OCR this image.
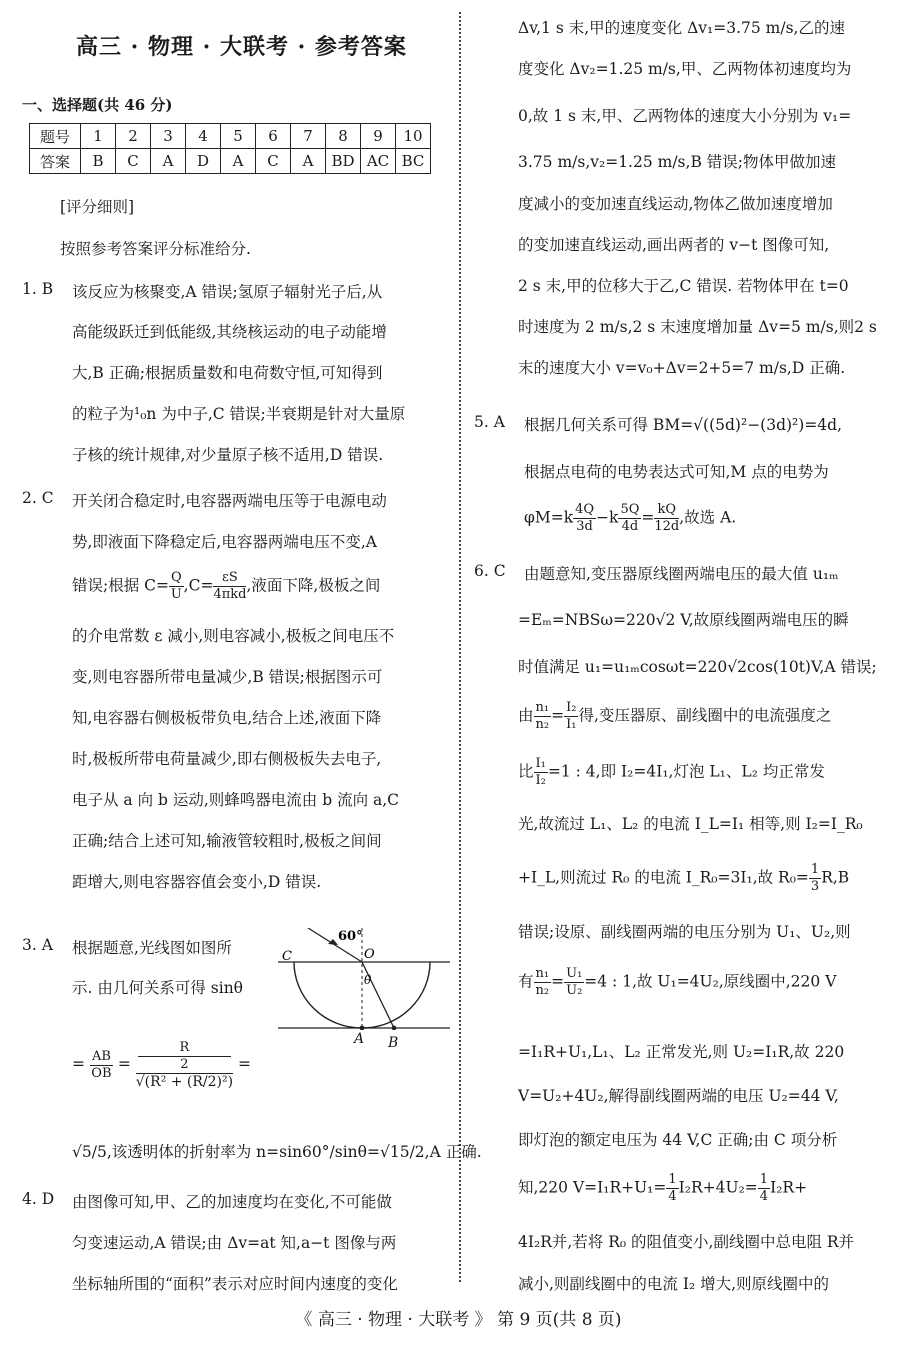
高三 · 物理 · 大联考 · 参考答案
一、选择题(共 46 分)
题号	1	2	3	4	5	6	7	8	9	10
答案	B	C	A	D	A	C	A	BD	AC	BC
[评分细则]
按照参考答案评分标准给分.
1. B 该反应为核聚变,A 错误;氢原子辐射光子后,从
高能级跃迁到低能级,其绕核运动的电子动能增
大,B 正确;根据质量数和电荷数守恒,可知得到
的粒子为¹₀n 为中子,C 错误;半衰期是针对大量原
子核的统计规律,对少量原子核不适用,D 错误.
2. C 开关闭合稳定时,电容器两端电压等于电源电动
势,即液面下降稳定后,电容器两端电压不变,A
错误;根据 $C= \frac{Q}{U} ,C= \frac{\varepsilon S}{\text{4πkd}}$ ,液面下降,极板之间
的介电常数 ε 减小,则电容减小,极板之间电压不
变,则电容器所带电量减少,B 错误;根据图示可
知,电容器右侧极板带负电,结合上述,液面下降
时,极板所带电荷量减少,即右侧极板失去电子,
电子从 a 向 b 运动,则蜂鸣器电流由 b 流向 a,C
正确;结合上述可知,输液管较粗时,极板之间间
距增大,则电容器容值会变小,D 错误.
3. A 根据题意,光线图如图所
示. 由几何关系可得 sinθ
= $\frac{AB}{OB} = R$
2
√(R² + (R/2)²) =
√5/5,该透明体的折射率为 n=sin60°/sinθ=√15/2,A 正确.
60°
C	O
θ
A B
4. D 由图像可知,甲、乙的加速度均在变化,不可能做
匀变速运动,A 错误;由 Δv=at 知,a−t 图像与两
坐标轴所围的“面积”表示对应时间内速度的变化
Δv,1 s 末,甲的速度变化 Δv₁=3.75 m/s,乙的速
度变化 Δv₂=1.25 m/s,甲、乙两物体初速度均为
0,故 1 s 末,甲、乙两物体的速度大小分别为 v₁=
3.75 m/s,v₂=1.25 m/s,B 错误;物体甲做加速
度减小的变加速直线运动,物体乙做加速度增加
的变加速直线运动,画出两者的 v−t 图像可知,
2 s 末,甲的位移大于乙,C 错误. 若物体甲在 t=0
时速度为 2 m/s,2 s 末速度增加量 Δv=5 m/s,则2 s
末的速度大小 v=v₀+Δv=2+5=7 m/s,D 正确.
5. A 根据几何关系可得 BM=√((5d)²−(3d)²)=4d,
根据点电荷的电势表达式可知,M 点的电势为
$\varphi M=k \frac{4Q}{3d} -k \frac{5Q}{4d} = \frac{kQ}{12d}$ ,故选 A.
6. C 由题意知,变压器原线圈两端电压的最大值 u₁ₘ
=Eₘ=NBSω=220√2 V,故原线圈两端电压的瞬
时值满足 u₁=u₁ₘcosωt=220√2cos(10t)V,A 错误;
由 $\frac{\text{n₁}}{\text{n₂}} = \frac{\text{I₂}}{\text{I₁}}$ 得,变压器原、副线圈中的电流强度之
比 $\frac{\text{I₁}}{\text{I₂}} =1$ : 4,即 I₂=4I₁,灯泡 L₁、L₂ 均正常发
光,故流过 L₁、L₂ 的电流 I_L=I₁ 相等,则 I₂=I_R₀
+I_L,则流过 R₀ 的电流 I_R₀=3I₁,故 $R_0= \frac{1}{3} R,B$
错误;设原、副线圈两端的电压分别为 U₁、U₂,则
有 $\frac{\text{n₁}}{\text{n₂}} = \frac{\text{U₁}}{\text{U₂}} =4$ : 1,故 U₁=4U₂,原线圈中,220 V
=I₁R+U₁,L₁、L₂ 正常发光,则 U₂=I₁R,故 220
V=U₂+4U₂,解得副线圈两端的电压 U₂=44 V,
即灯泡的额定电压为 44 V,C 正确;由 C 项分析
知,220 $V=I_1R+U_1= \frac{1}{4} I_2R+4U_2= \frac{1}{4} I_2R+$
4I₂R并,若将 R₀ 的阻值变小,副线圈中总电阻 R并
减小,则副线圈中的电流 I₂ 增大,则原线圈中的
《 高三 · 物理 · 大联考 》 第 9 页(共 8 页)
